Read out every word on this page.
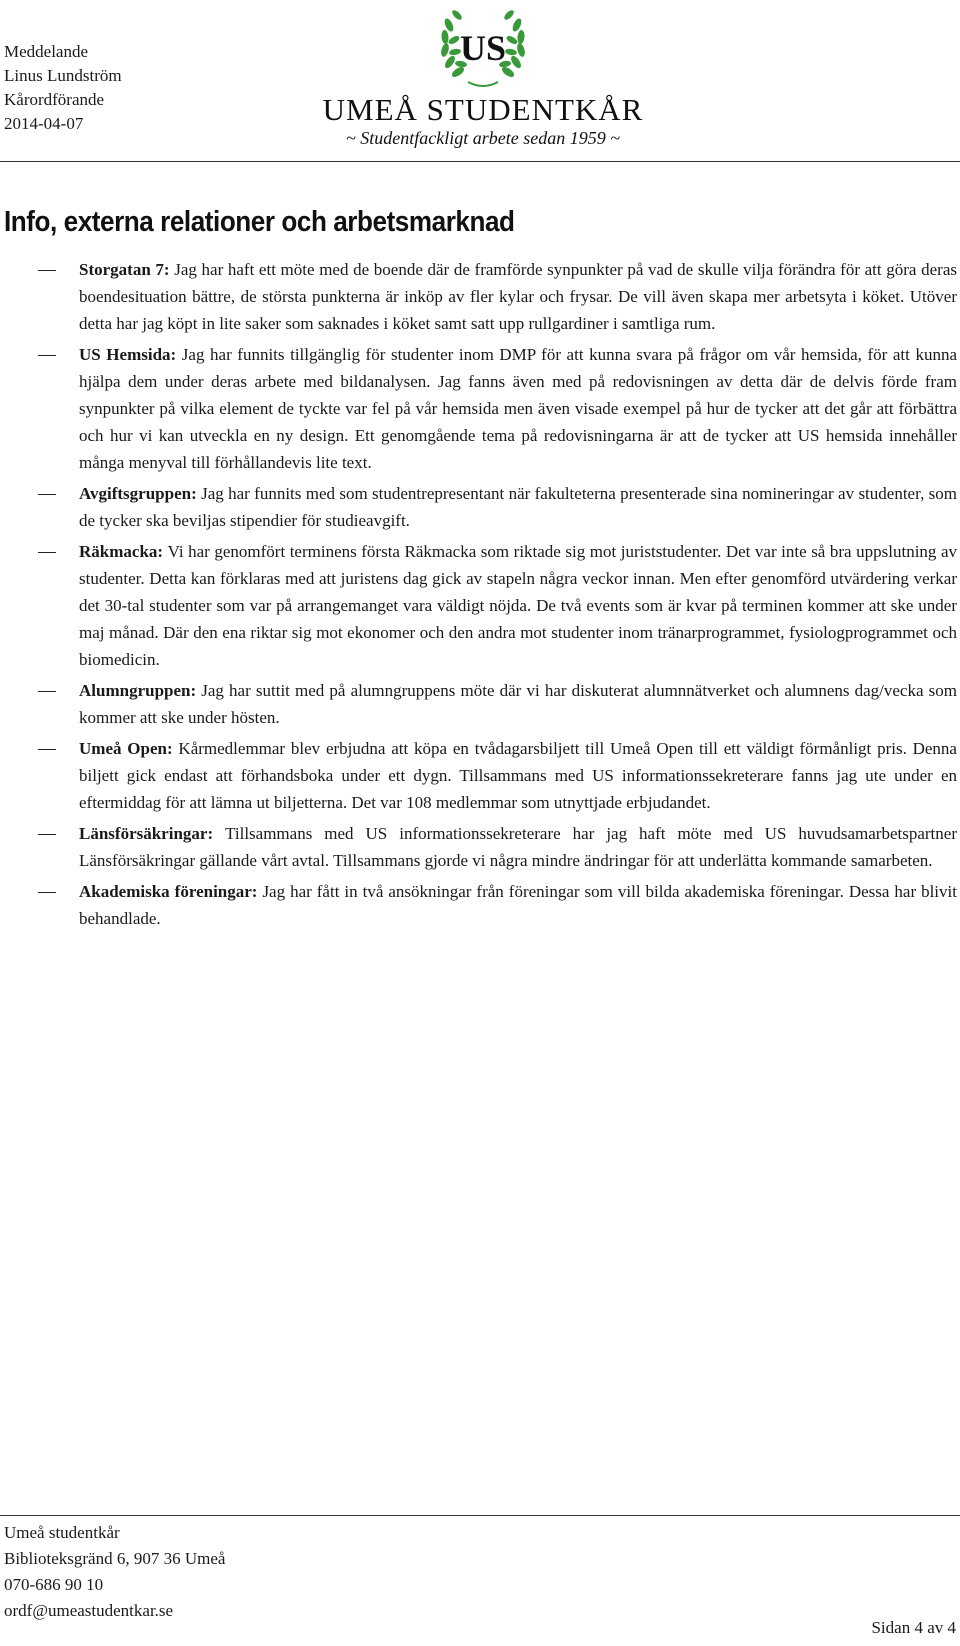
Meddelande
Linus Lundström
Kårordförande
2014-04-07
US
UMEÅ STUDENTKÅR
~ Studentfackligt arbete sedan 1959 ~
Info, externa relationer och arbetsmarknad
Storgatan 7: Jag har haft ett möte med de boende där de framförde synpunkter på vad de skulle vilja förändra för att göra deras boendesituation bättre, de största punkterna är inköp av fler kylar och frysar. De vill även skapa mer arbetsyta i köket. Utöver detta har jag köpt in lite saker som saknades i köket samt satt upp rullgardiner i samtliga rum.
US Hemsida: Jag har funnits tillgänglig för studenter inom DMP för att kunna svara på frågor om vår hemsida, för att kunna hjälpa dem under deras arbete med bildanalysen. Jag fanns även med på redovisningen av detta där de delvis förde fram synpunkter på vilka element de tyckte var fel på vår hemsida men även visade exempel på hur de tycker att det går att förbättra och hur vi kan utveckla en ny design. Ett genomgående tema på redovisningarna är att de tycker att US hemsida innehåller många menyval till förhållandevis lite text.
Avgiftsgruppen: Jag har funnits med som studentrepresentant när fakulteterna presenterade sina nomineringar av studenter, som de tycker ska beviljas stipendier för studieavgift.
Räkmacka: Vi har genomfört terminens första Räkmacka som riktade sig mot juriststudenter. Det var inte så bra uppslutning av studenter. Detta kan förklaras med att juristens dag gick av stapeln några veckor innan. Men efter genomförd utvärdering verkar det 30-tal studenter som var på arrangemanget vara väldigt nöjda. De två events som är kvar på terminen kommer att ske under maj månad. Där den ena riktar sig mot ekonomer och den andra mot studenter inom tränarprogrammet, fysiologprogrammet och biomedicin.
Alumngruppen: Jag har suttit med på alumngruppens möte där vi har diskuterat alumnnätverket och alumnens dag/vecka som kommer att ske under hösten.
Umeå Open: Kårmedlemmar blev erbjudna att köpa en tvådagarsbiljett till Umeå Open till ett väldigt förmånligt pris. Denna biljett gick endast att förhandsboka under ett dygn. Tillsammans med US informationssekreterare fanns jag ute under en eftermiddag för att lämna ut biljetterna. Det var 108 medlemmar som utnyttjade erbjudandet.
Länsförsäkringar: Tillsammans med US informationssekreterare har jag haft möte med US huvudsamarbetspartner Länsförsäkringar gällande vårt avtal. Tillsammans gjorde vi några mindre ändringar för att underlätta kommande samarbeten.
Akademiska föreningar: Jag har fått in två ansökningar från föreningar som vill bilda akademiska föreningar. Dessa har blivit behandlade.
Umeå studentkår
Biblioteksgränd 6, 907 36 Umeå
070-686 90 10
ordf@umeastudentkar.se
Sidan 4 av 4
